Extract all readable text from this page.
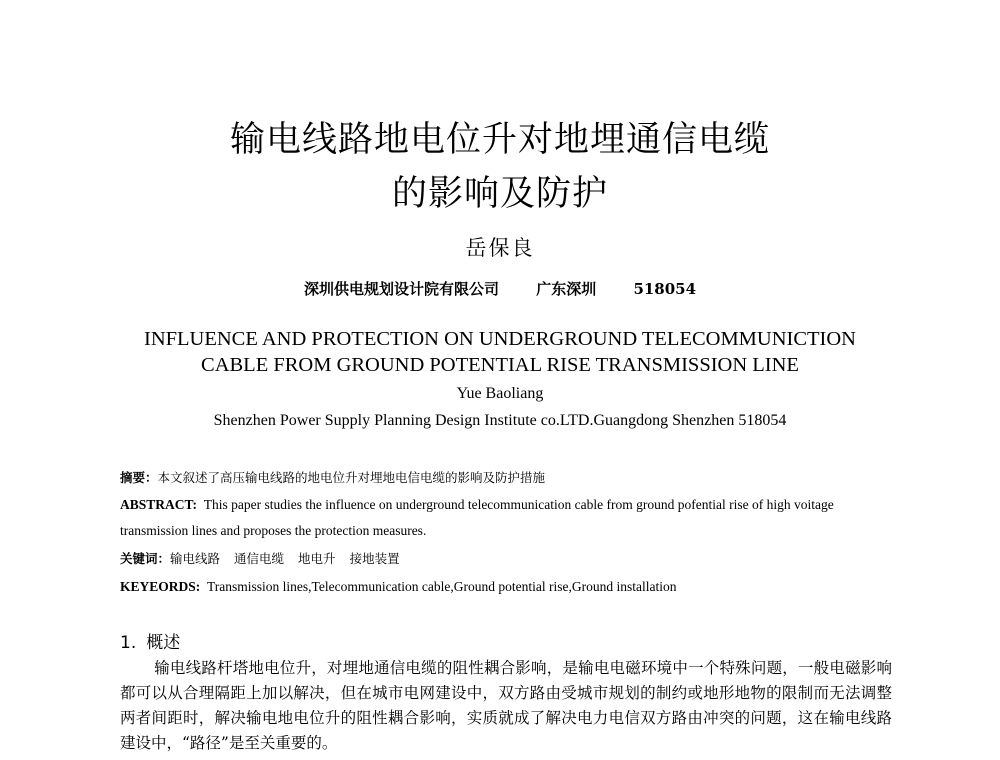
输电线路地电位升对地埋通信电缆
的影响及防护
岳保良
深圳供电规划设计院有限公司 广东深圳 518054
INFLUENCE AND PROTECTION ON UNDERGROUND TELECOMMUNICTION
CABLE FROM GROUND POTENTIAL RISE TRANSMISSION LINE
Yue Baoliang
Shenzhen Power Supply Planning Design Institute co.LTD.Guangdong Shenzhen 518054
摘要：本文叙述了高压输电线路的地电位升对埋地电信电缆的影响及防护措施
ABSTRACT: This paper studies the influence on underground telecommunication cable from ground pofential rise of high voitage transmission lines and proposes the protection measures.
关键词：输电线路 通信电缆 地电升 接地装置
KEYEORDS: Transmission lines,Telecommunication cable,Ground potential rise,Ground installation
1. 概述
输电线路杆塔地电位升，对埋地通信电缆的阻性耦合影响，是输电电磁环境中一个特殊问题，一般电磁影响都可以从合理隔距上加以解决，但在城市电网建设中，双方路由受城市规划的制约或地形地物的限制而无法调整两者间距时，解决输电地电位升的阻性耦合影响，实质就成了解决电力电信双方路由冲突的问题，这在输电线路建设中，“路径”是至关重要的。
